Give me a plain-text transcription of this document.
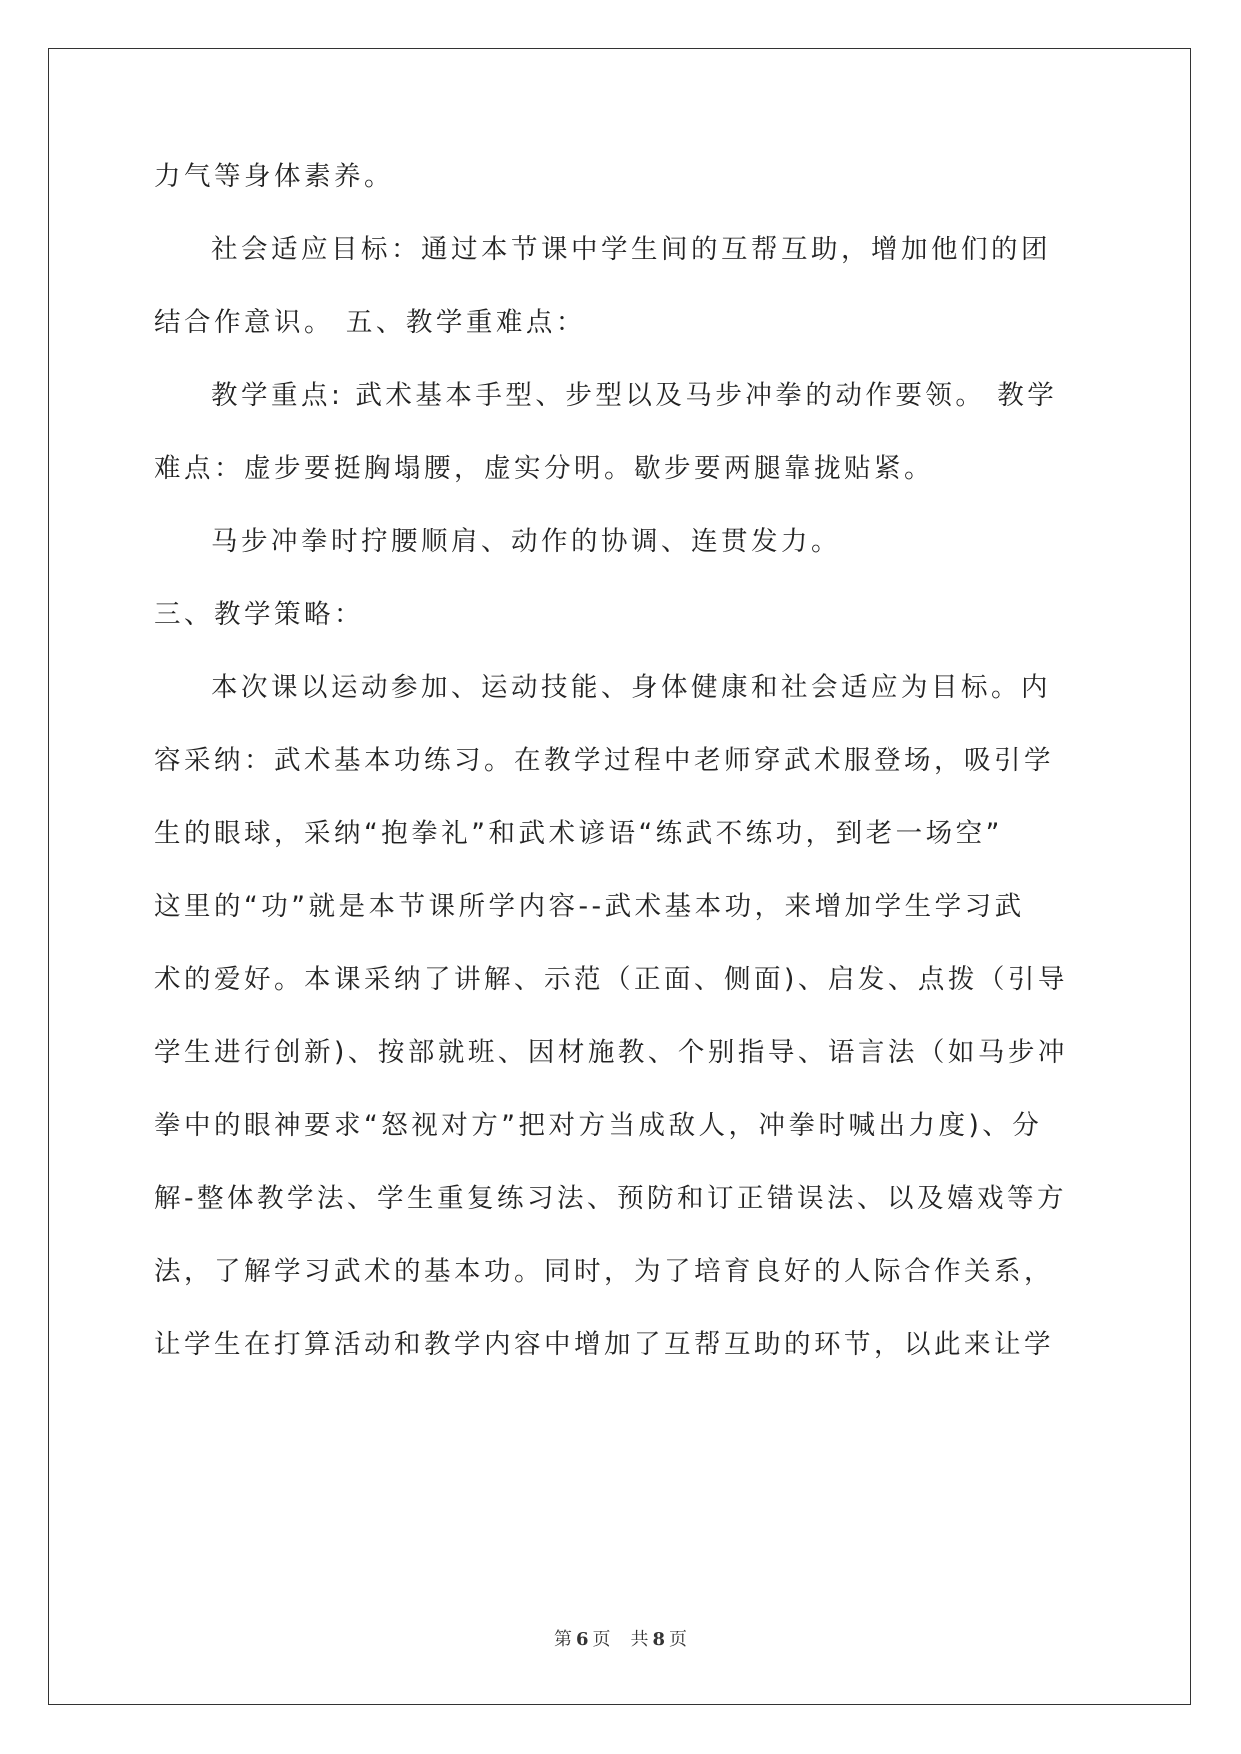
力气等身体素养。
社会适应目标：通过本节课中学生间的互帮互助，增加他们的团
结合作意识。 五、教学重难点：
教学重点: 武术基本手型、步型以及马步冲拳的动作要领。 教学
难点：虚步要挺胸塌腰，虚实分明。歇步要两腿靠拢贴紧。
马步冲拳时拧腰顺肩、动作的协调、连贯发力。
三、教学策略：
本次课以运动参加、运动技能、身体健康和社会适应为目标。内
容采纳：武术基本功练习。在教学过程中老师穿武术服登场，吸引学
生的眼球，采纳“抱拳礼”和武术谚语“练武不练功，到老一场空”
这里的“功”就是本节课所学内容--武术基本功，来增加学生学习武
术的爱好。本课采纳了讲解、示范（正面、侧面)、启发、点拨（引导
学生进行创新)、按部就班、因材施教、个别指导、语言法（如马步冲
拳中的眼神要求“怒视对方”把对方当成敌人，冲拳时喊出力度)、分
解-整体教学法、学生重复练习法、预防和订正错误法、以及嬉戏等方
法，了解学习武术的基本功。同时，为了培育良好的人际合作关系，
让学生在打算活动和教学内容中增加了互帮互助的环节，以此来让学
第 6 页 共 8 页
